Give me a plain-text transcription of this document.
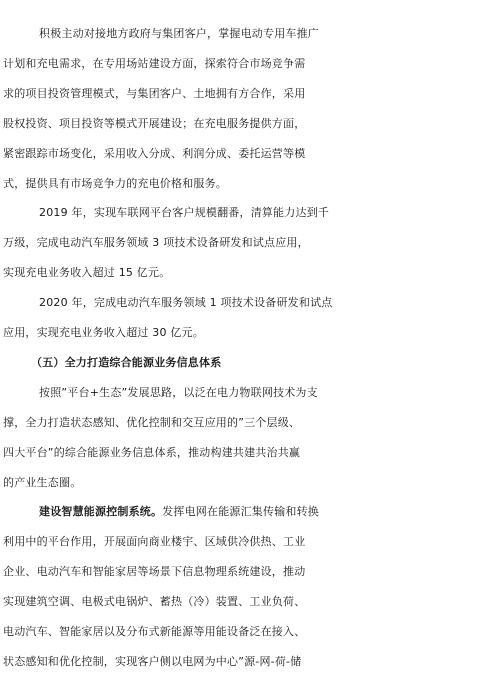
积极主动对接地方政府与集团客户，掌握电动专用车推广
计划和充电需求，在专用场站建设方面，探索符合市场竞争需
求的项目投资管理模式，与集团客户、土地拥有方合作，采用
股权投资、项目投资等模式开展建设；在充电服务提供方面，
紧密跟踪市场变化，采用收入分成、利润分成、委托运营等模
式，提供具有市场竞争力的充电价格和服务。
2019 年，实现车联网平台客户规模翻番，清算能力达到千
万级，完成电动汽车服务领域 3 项技术设备研发和试点应用，
实现充电业务收入超过 15 亿元。
2020 年，完成电动汽车服务领域 1 项技术设备研发和试点
应用，实现充电业务收入超过 30 亿元。
（五）全力打造综合能源业务信息体系
按照”平台+生态”发展思路，以泛在电力物联网技术为支
撑，全力打造状态感知、优化控制和交互应用的”三个层级、
四大平台”的综合能源业务信息体系，推动构建共建共治共赢
的产业生态圈。
建设智慧能源控制系统。发挥电网在能源汇集传输和转换
利用中的平台作用，开展面向商业楼宇、区域供冷供热、工业
企业、电动汽车和智能家居等场景下信息物理系统建设，推动
实现建筑空调、电极式电锅炉、蓄热（冷）装置、工业负荷、
电动汽车、智能家居以及分布式新能源等用能设备泛在接入、
状态感知和优化控制，实现客户侧以电网为中心”源-网-荷-储
